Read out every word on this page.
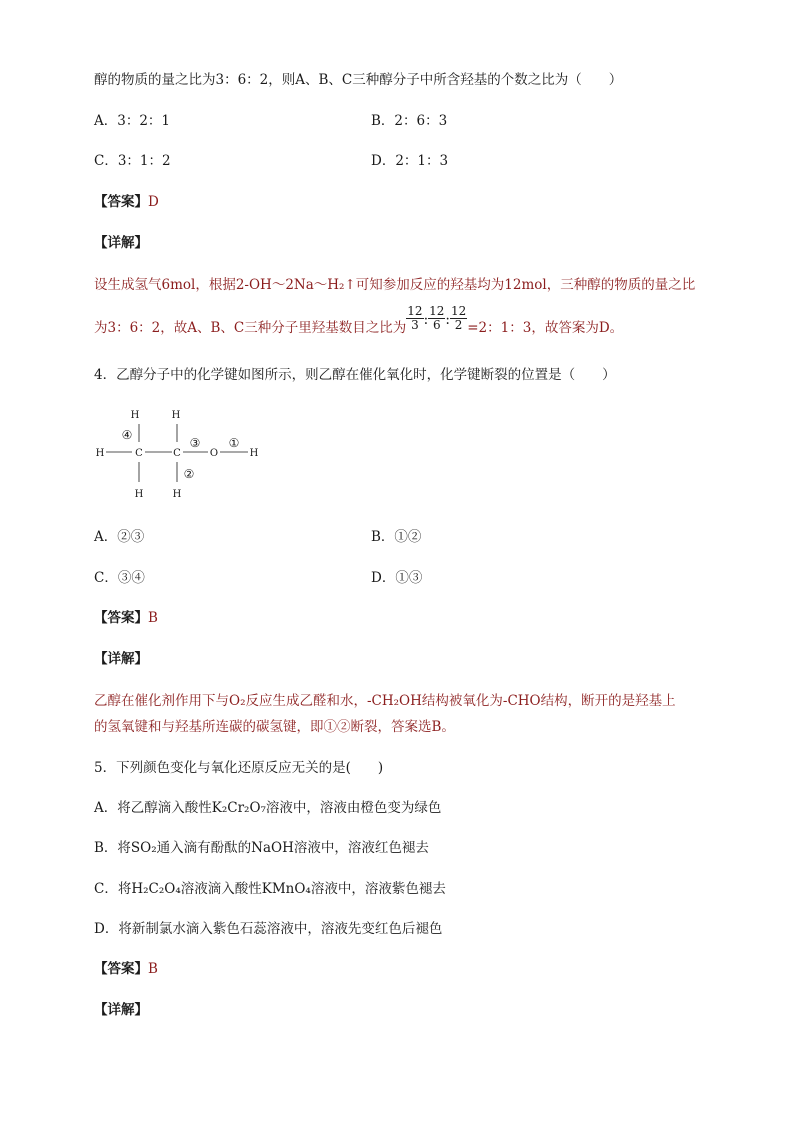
醇的物质的量之比为3：6：2，则A、B、C三种醇分子中所含羟基的个数之比为（　　）
A．3：2：1	B．2：6：3
C．3：1：2	D．2：1：3
【答案】D
【详解】
设生成氢气6mol，根据2-OH～2Na～H₂↑可知参加反应的羟基均为12mol，三种醇的物质的量之比
为3：6：2，故A、B、C三种分子里羟基数目之比为 $\frac{12}{3}$ : $\frac{12}{6}$ : $\frac{12}{2} =2$：1：3，故答案为D。
4．乙醇分子中的化学键如图所示，则乙醇在催化氧化时，化学键断裂的位置是（　　）
H	H
H	C	C	O	H
H	H
④
③ ①
②
A．②③	B．①②
C．③④	D．①③
【答案】B
【详解】
乙醇在催化剂作用下与O₂反应生成乙醛和水，-CH₂OH结构被氧化为-CHO结构，断开的是羟基上
的氢氧键和与羟基所连碳的碳氢键，即①②断裂，答案选B。
5．下列颜色变化与氧化还原反应无关的是(　　)
A．将乙醇滴入酸性K₂Cr₂O₇溶液中，溶液由橙色变为绿色
B．将SO₂通入滴有酚酞的NaOH溶液中，溶液红色褪去
C．将H₂C₂O₄溶液滴入酸性KMnO₄溶液中，溶液紫色褪去
D．将新制氯水滴入紫色石蕊溶液中，溶液先变红色后褪色
【答案】B
【详解】
